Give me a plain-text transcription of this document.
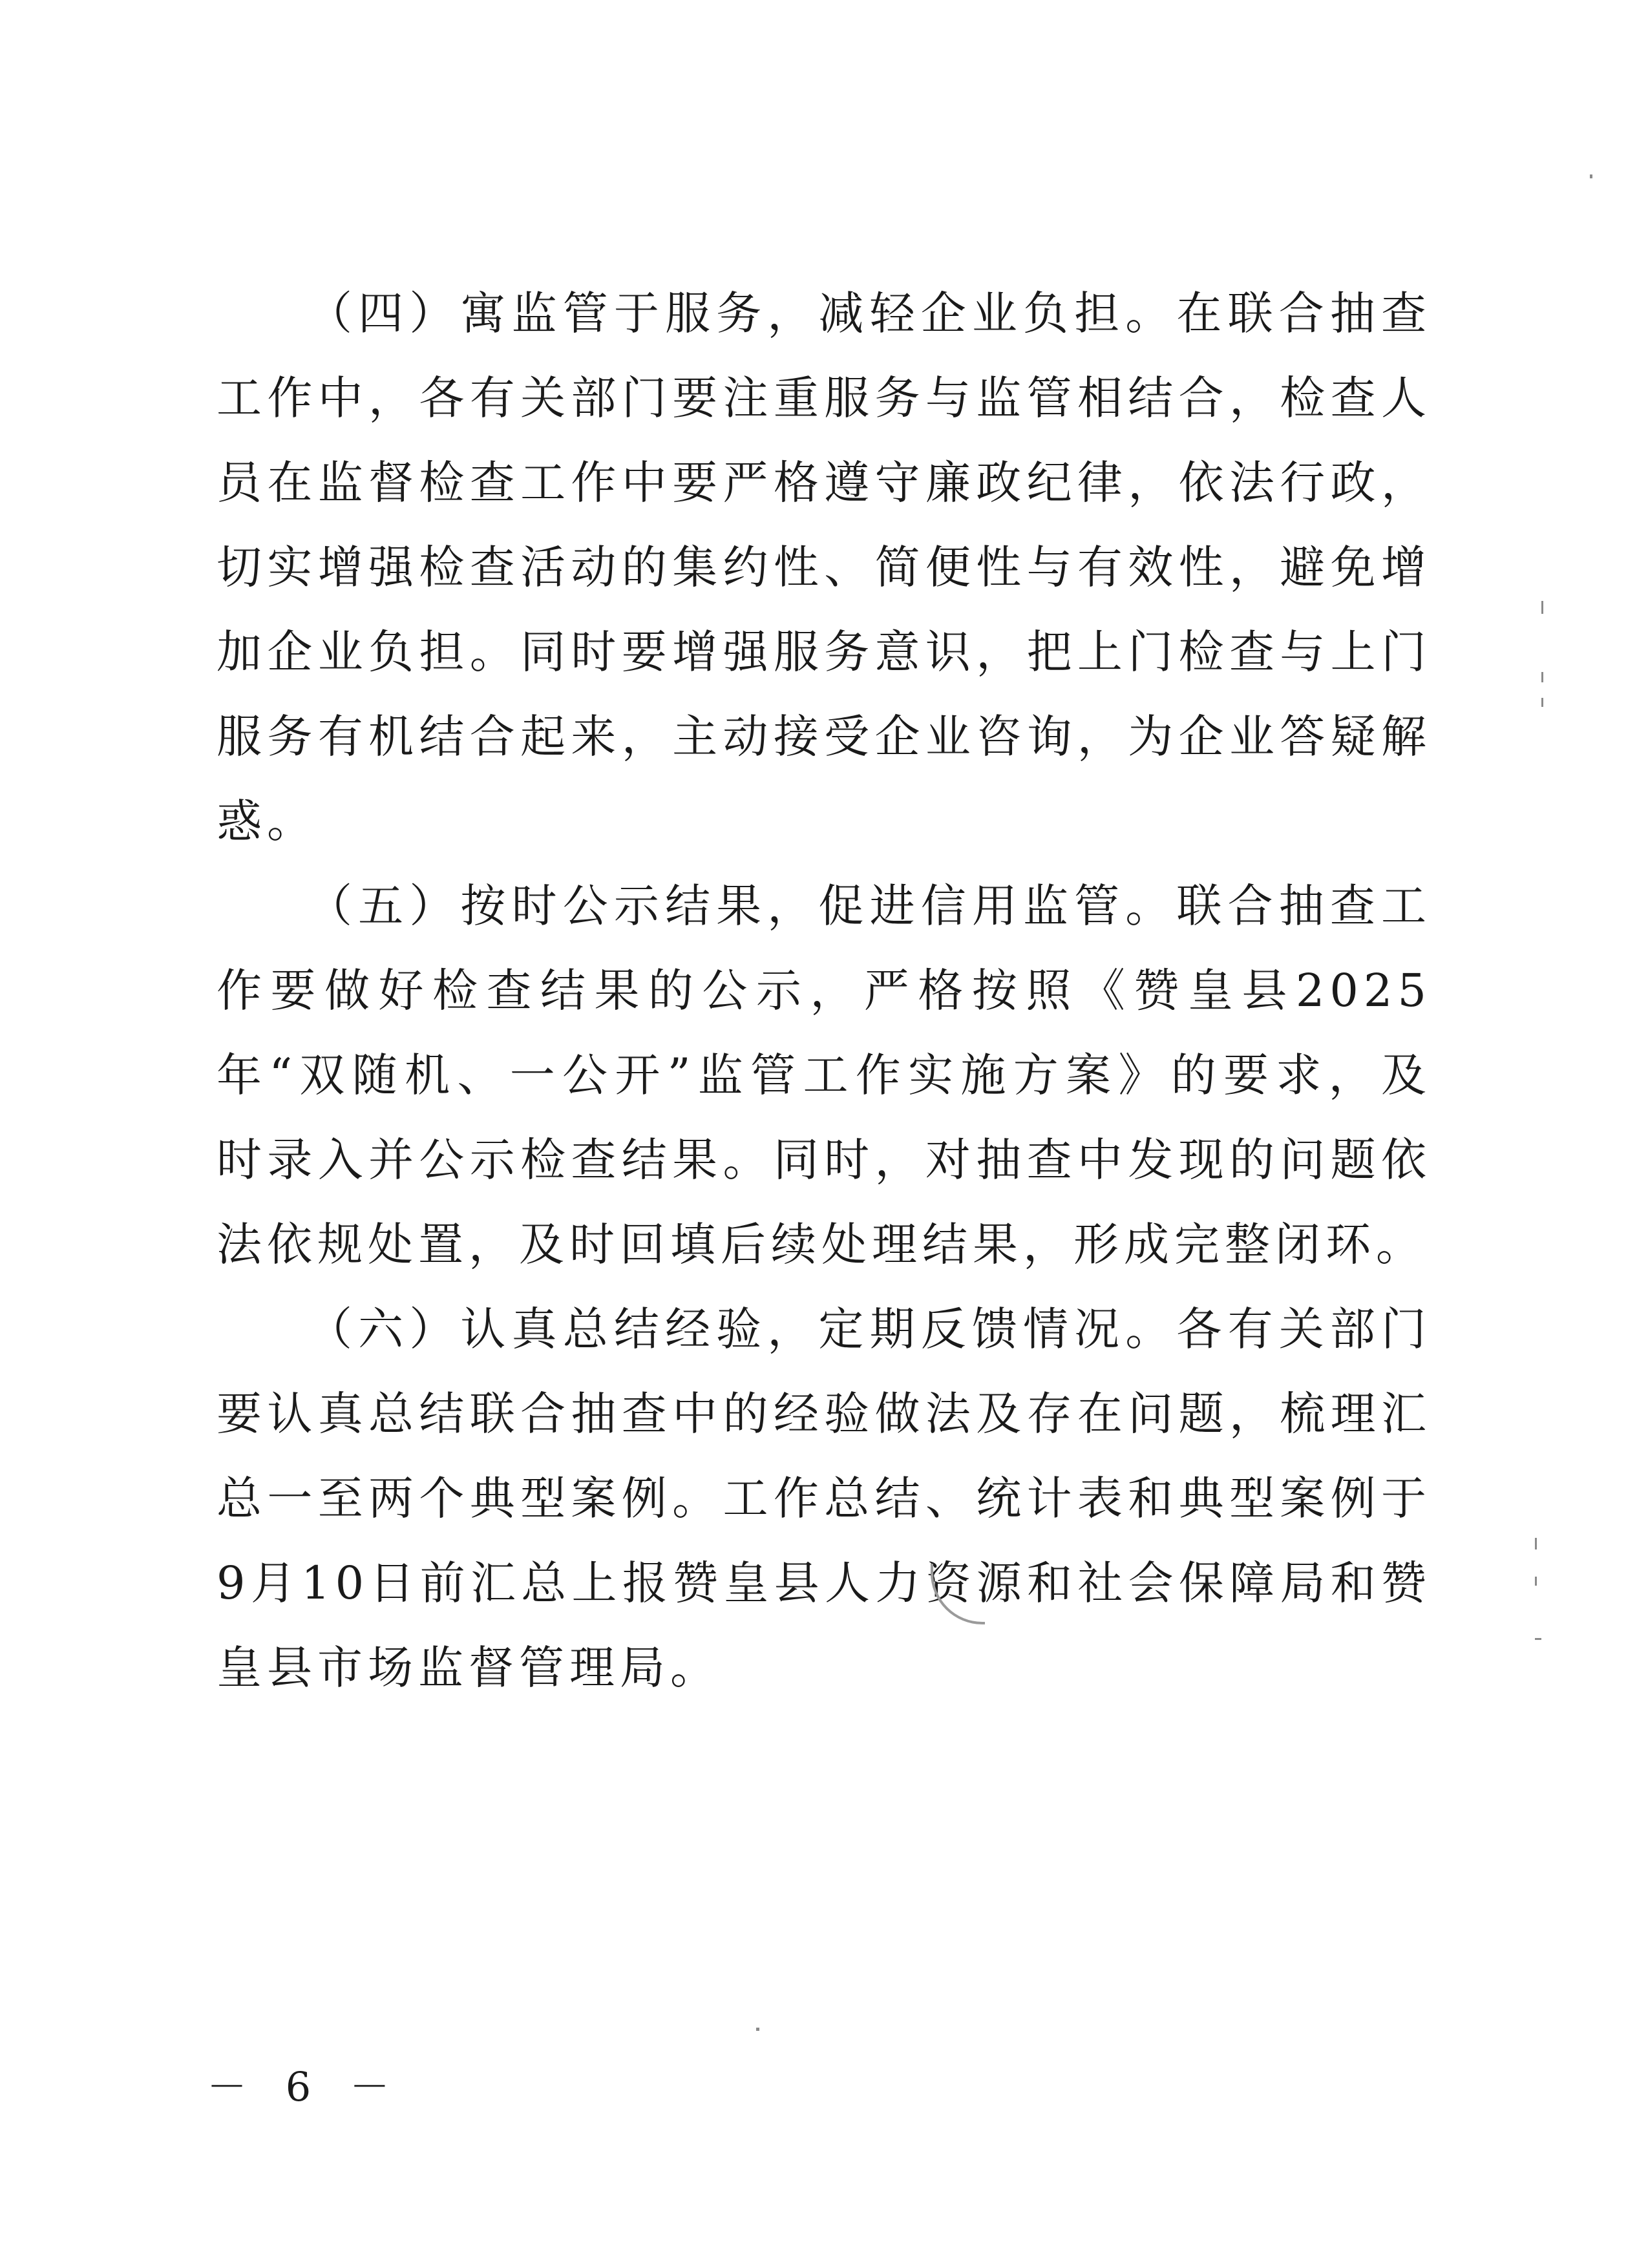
（四）寓监管于服务，减轻企业负担。在联合抽查工作中，各有关部门要注重服务与监管相结合，检查人员在监督检查工作中要严格遵守廉政纪律，依法行政，切实增强检查活动的集约性、简便性与有效性，避免增加企业负担。同时要增强服务意识，把上门检查与上门服务有机结合起来，主动接受企业咨询，为企业答疑解惑。

（五）按时公示结果，促进信用监管。联合抽查工作要做好检查结果的公示，严格按照《赞皇县2025年“双随机、一公开”监管工作实施方案》的要求，及时录入并公示检查结果。同时，对抽查中发现的问题依法依规处置，及时回填后续处理结果，形成完整闭环。

（六）认真总结经验，定期反馈情况。各有关部门要认真总结联合抽查中的经验做法及存在问题，梳理汇总一至两个典型案例。工作总结、统计表和典型案例于9月10日前汇总上报赞皇县人力资源和社会保障局和赞皇县市场监督管理局。

－ 6 －
